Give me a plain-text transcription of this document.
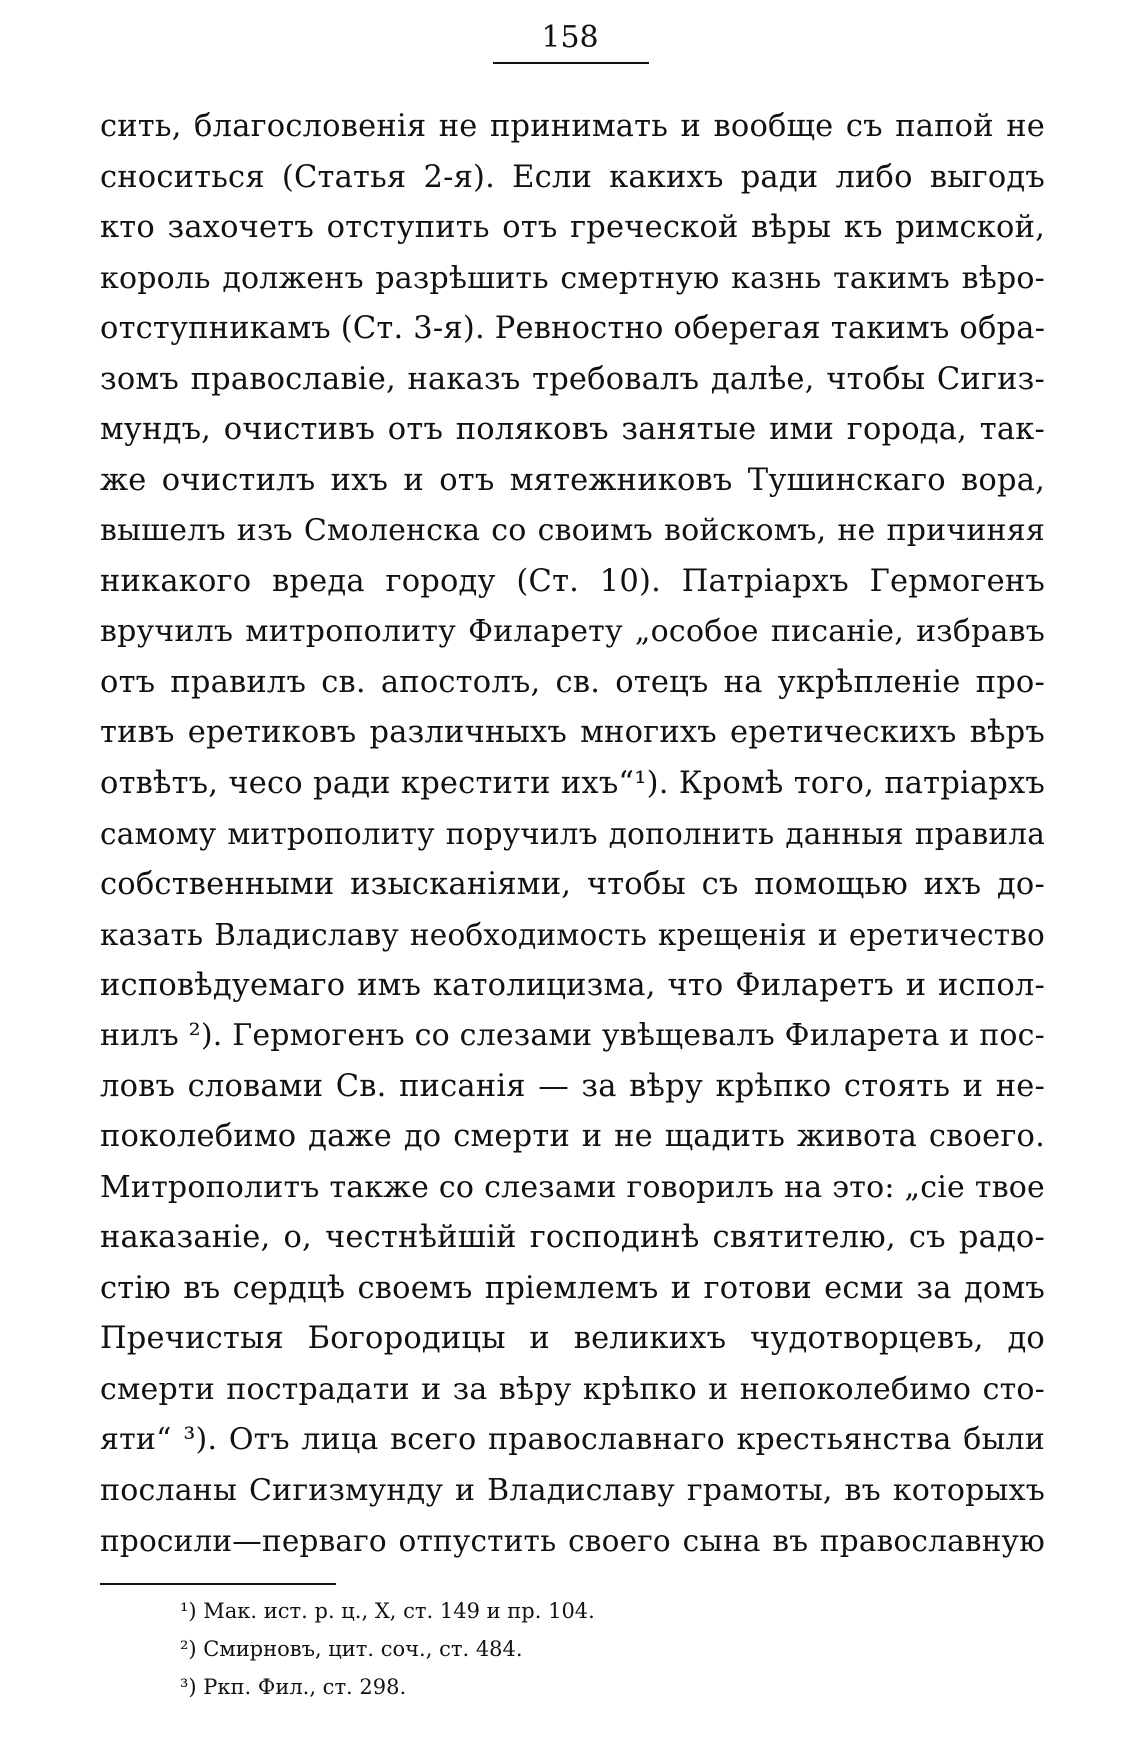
158
сить, благословенія не принимать и вообще съ папой не
сноситься (Статья 2-я). Если какихъ ради либо выгодъ
кто захочетъ отступить отъ греческой вѣры къ римской,
король долженъ разрѣшить смертную казнь такимъ вѣро-
отступникамъ (Ст. 3-я). Ревностно оберегая такимъ обра-
зомъ православіе, наказъ требовалъ далѣе, чтобы Сигиз-
мундъ, очистивъ отъ поляковъ занятые ими города, так-
же очистилъ ихъ и отъ мятежниковъ Тушинскаго вора,
вышелъ изъ Смоленска со своимъ войскомъ, не причиняя
никакого вреда городу (Ст. 10). Патріархъ Гермогенъ
вручилъ митрополиту Филарету „особое писаніе, избравъ
отъ правилъ св. апостолъ, св. отецъ на укрѣпленіе про-
тивъ еретиковъ различныхъ многихъ еретическихъ вѣръ
отвѣтъ, чесо ради крестити ихъ“¹). Кромѣ того, патріархъ
самому митрополиту поручилъ дополнить данныя правила
собственными изысканіями, чтобы съ помощью ихъ до-
казать Владиславу необходимость крещенія и еретичество
исповѣдуемаго имъ католицизма, что Филаретъ и испол-
нилъ ²). Гермогенъ со слезами увѣщевалъ Филарета и пос-
ловъ словами Св. писанія — за вѣру крѣпко стоять и не-
поколебимо даже до смерти и не щадить живота своего.
Митрополитъ также со слезами говорилъ на это: „сіе твое
наказаніе, о, честнѣйшій господинѣ святителю, съ радо-
стію въ сердцѣ своемъ пріемлемъ и готови есми за домъ
Пречистыя Богородицы и великихъ чудотворцевъ, до
смерти пострадати и за вѣру крѣпко и непоколебимо сто-
яти“ ³). Отъ лица всего православнаго крестьянства были
посланы Сигизмунду и Владиславу грамоты, въ которыхъ
просили—перваго отпустить своего сына въ православную
¹) Мак. ист. р. ц., X, ст. 149 и пр. 104.
²) Смирновъ, цит. соч., ст. 484.
³) Ркп. Фил., ст. 298.
